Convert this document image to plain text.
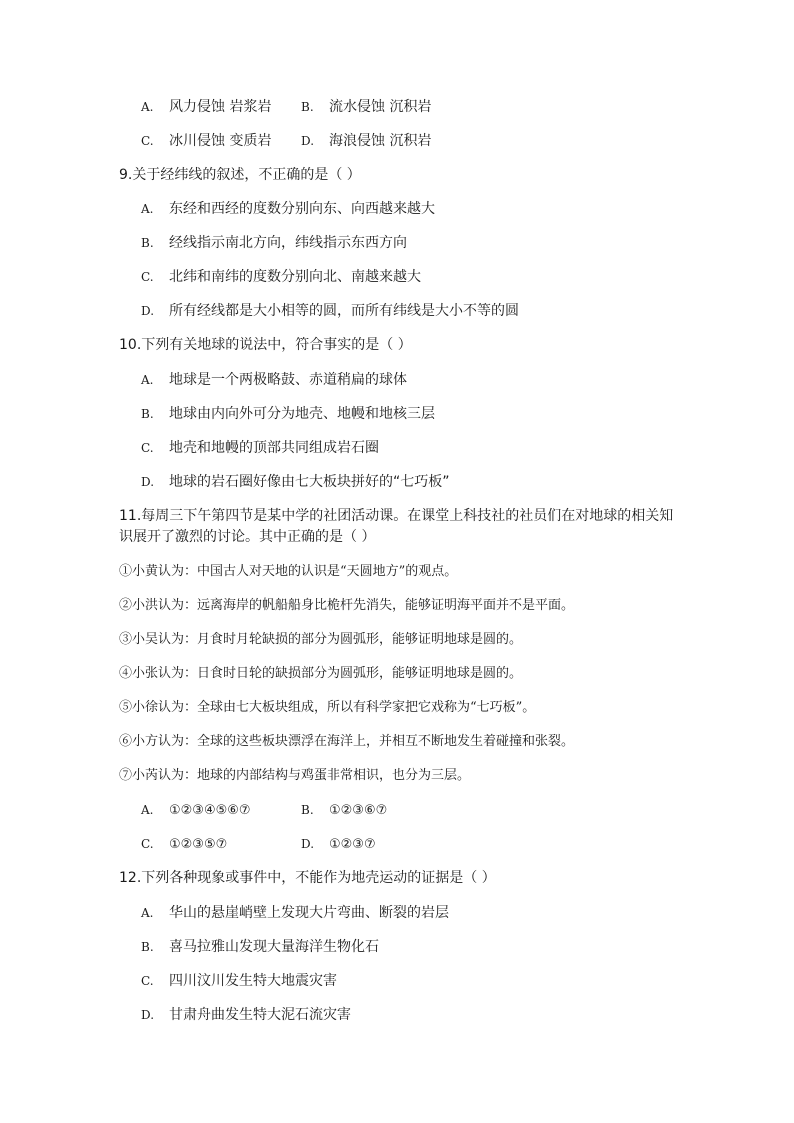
A. 风力侵蚀 岩浆岩 B. 流水侵蚀 沉积岩
C. 冰川侵蚀 变质岩 D. 海浪侵蚀 沉积岩
9.关于经纬线的叙述，不正确的是（ ）
A. 东经和西经的度数分别向东、向西越来越大
B. 经线指示南北方向，纬线指示东西方向
C. 北纬和南纬的度数分别向北、南越来越大
D. 所有经线都是大小相等的圆，而所有纬线是大小不等的圆
10.下列有关地球的说法中，符合事实的是（ ）
A. 地球是一个两极略鼓、赤道稍扁的球体
B. 地球由内向外可分为地壳、地幔和地核三层
C. 地壳和地幔的顶部共同组成岩石圈
D. 地球的岩石圈好像由七大板块拼好的“七巧板”
11.每周三下午第四节是某中学的社团活动课。在课堂上科技社的社员们在对地球的相关知识展开了激烈的讨论。其中正确的是（ ）
①小黄认为：中国古人对天地的认识是“天圆地方”的观点。
②小洪认为：远离海岸的帆船船身比桅杆先消失，能够证明海平面并不是平面。
③小吴认为：月食时月轮缺损的部分为圆弧形，能够证明地球是圆的。
④小张认为：日食时日轮的缺损部分为圆弧形，能够证明地球是圆的。
⑤小徐认为：全球由七大板块组成，所以有科学家把它戏称为“七巧板”。
⑥小方认为：全球的这些板块漂浮在海洋上，并相互不断地发生着碰撞和张裂。
⑦小芮认为：地球的内部结构与鸡蛋非常相识，也分为三层。
A. ①②③④⑤⑥⑦	B. ①②③⑥⑦
C. ①②③⑤⑦	D. ①②③⑦
12.下列各种现象或事件中，不能作为地壳运动的证据是（ ）
A. 华山的悬崖峭壁上发现大片弯曲、断裂的岩层
B. 喜马拉雅山发现大量海洋生物化石
C. 四川汶川发生特大地震灾害
D. 甘肃舟曲发生特大泥石流灾害
